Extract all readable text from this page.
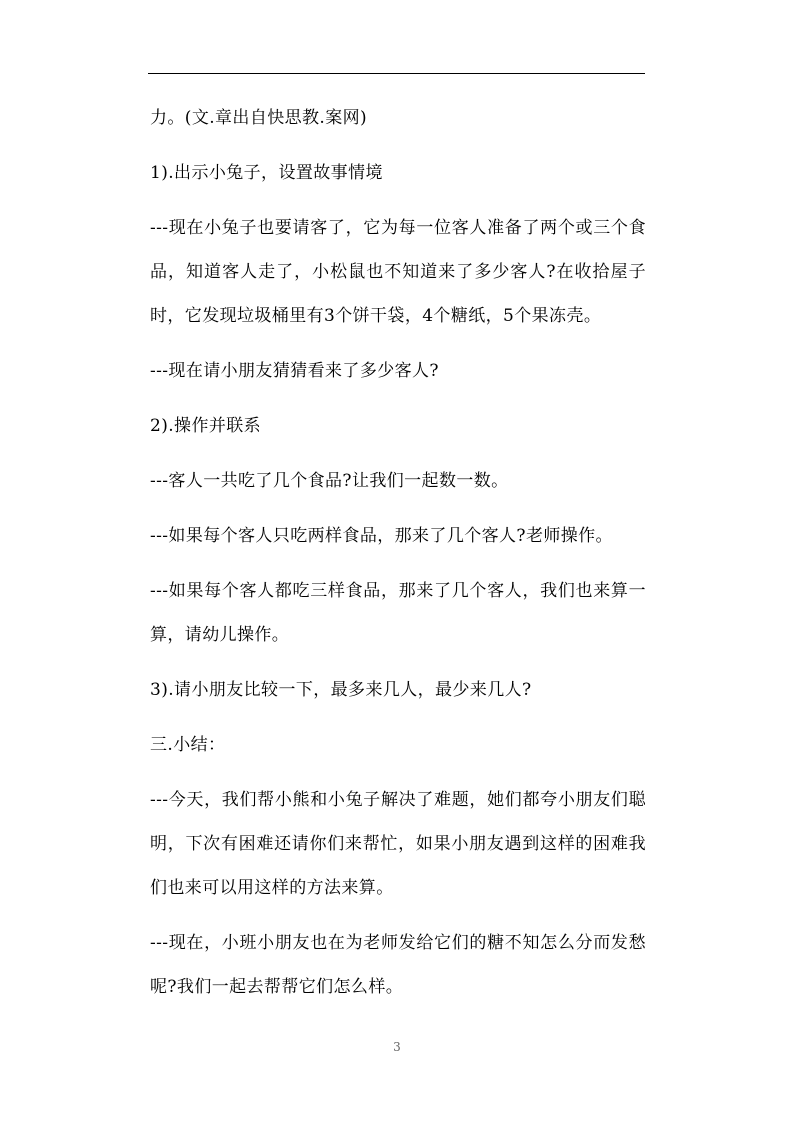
力。(文.章出自快思教.案网)

1).出示小兔子，设置故事情境

---现在小兔子也要请客了，它为每一位客人准备了两个或三个食品，知道客人走了，小松鼠也不知道来了多少客人?在收拾屋子时，它发现垃圾桶里有3个饼干袋，4个糖纸，5个果冻壳。

---现在请小朋友猜猜看来了多少客人?

2).操作并联系

---客人一共吃了几个食品?让我们一起数一数。

---如果每个客人只吃两样食品，那来了几个客人?老师操作。

---如果每个客人都吃三样食品，那来了几个客人，我们也来算一算，请幼儿操作。

3).请小朋友比较一下，最多来几人，最少来几人?

三.小结：

---今天，我们帮小熊和小兔子解决了难题，她们都夸小朋友们聪明，下次有困难还请你们来帮忙，如果小朋友遇到这样的困难我们也来可以用这样的方法来算。

---现在，小班小朋友也在为老师发给它们的糖不知怎么分而发愁呢?我们一起去帮帮它们怎么样。

3
